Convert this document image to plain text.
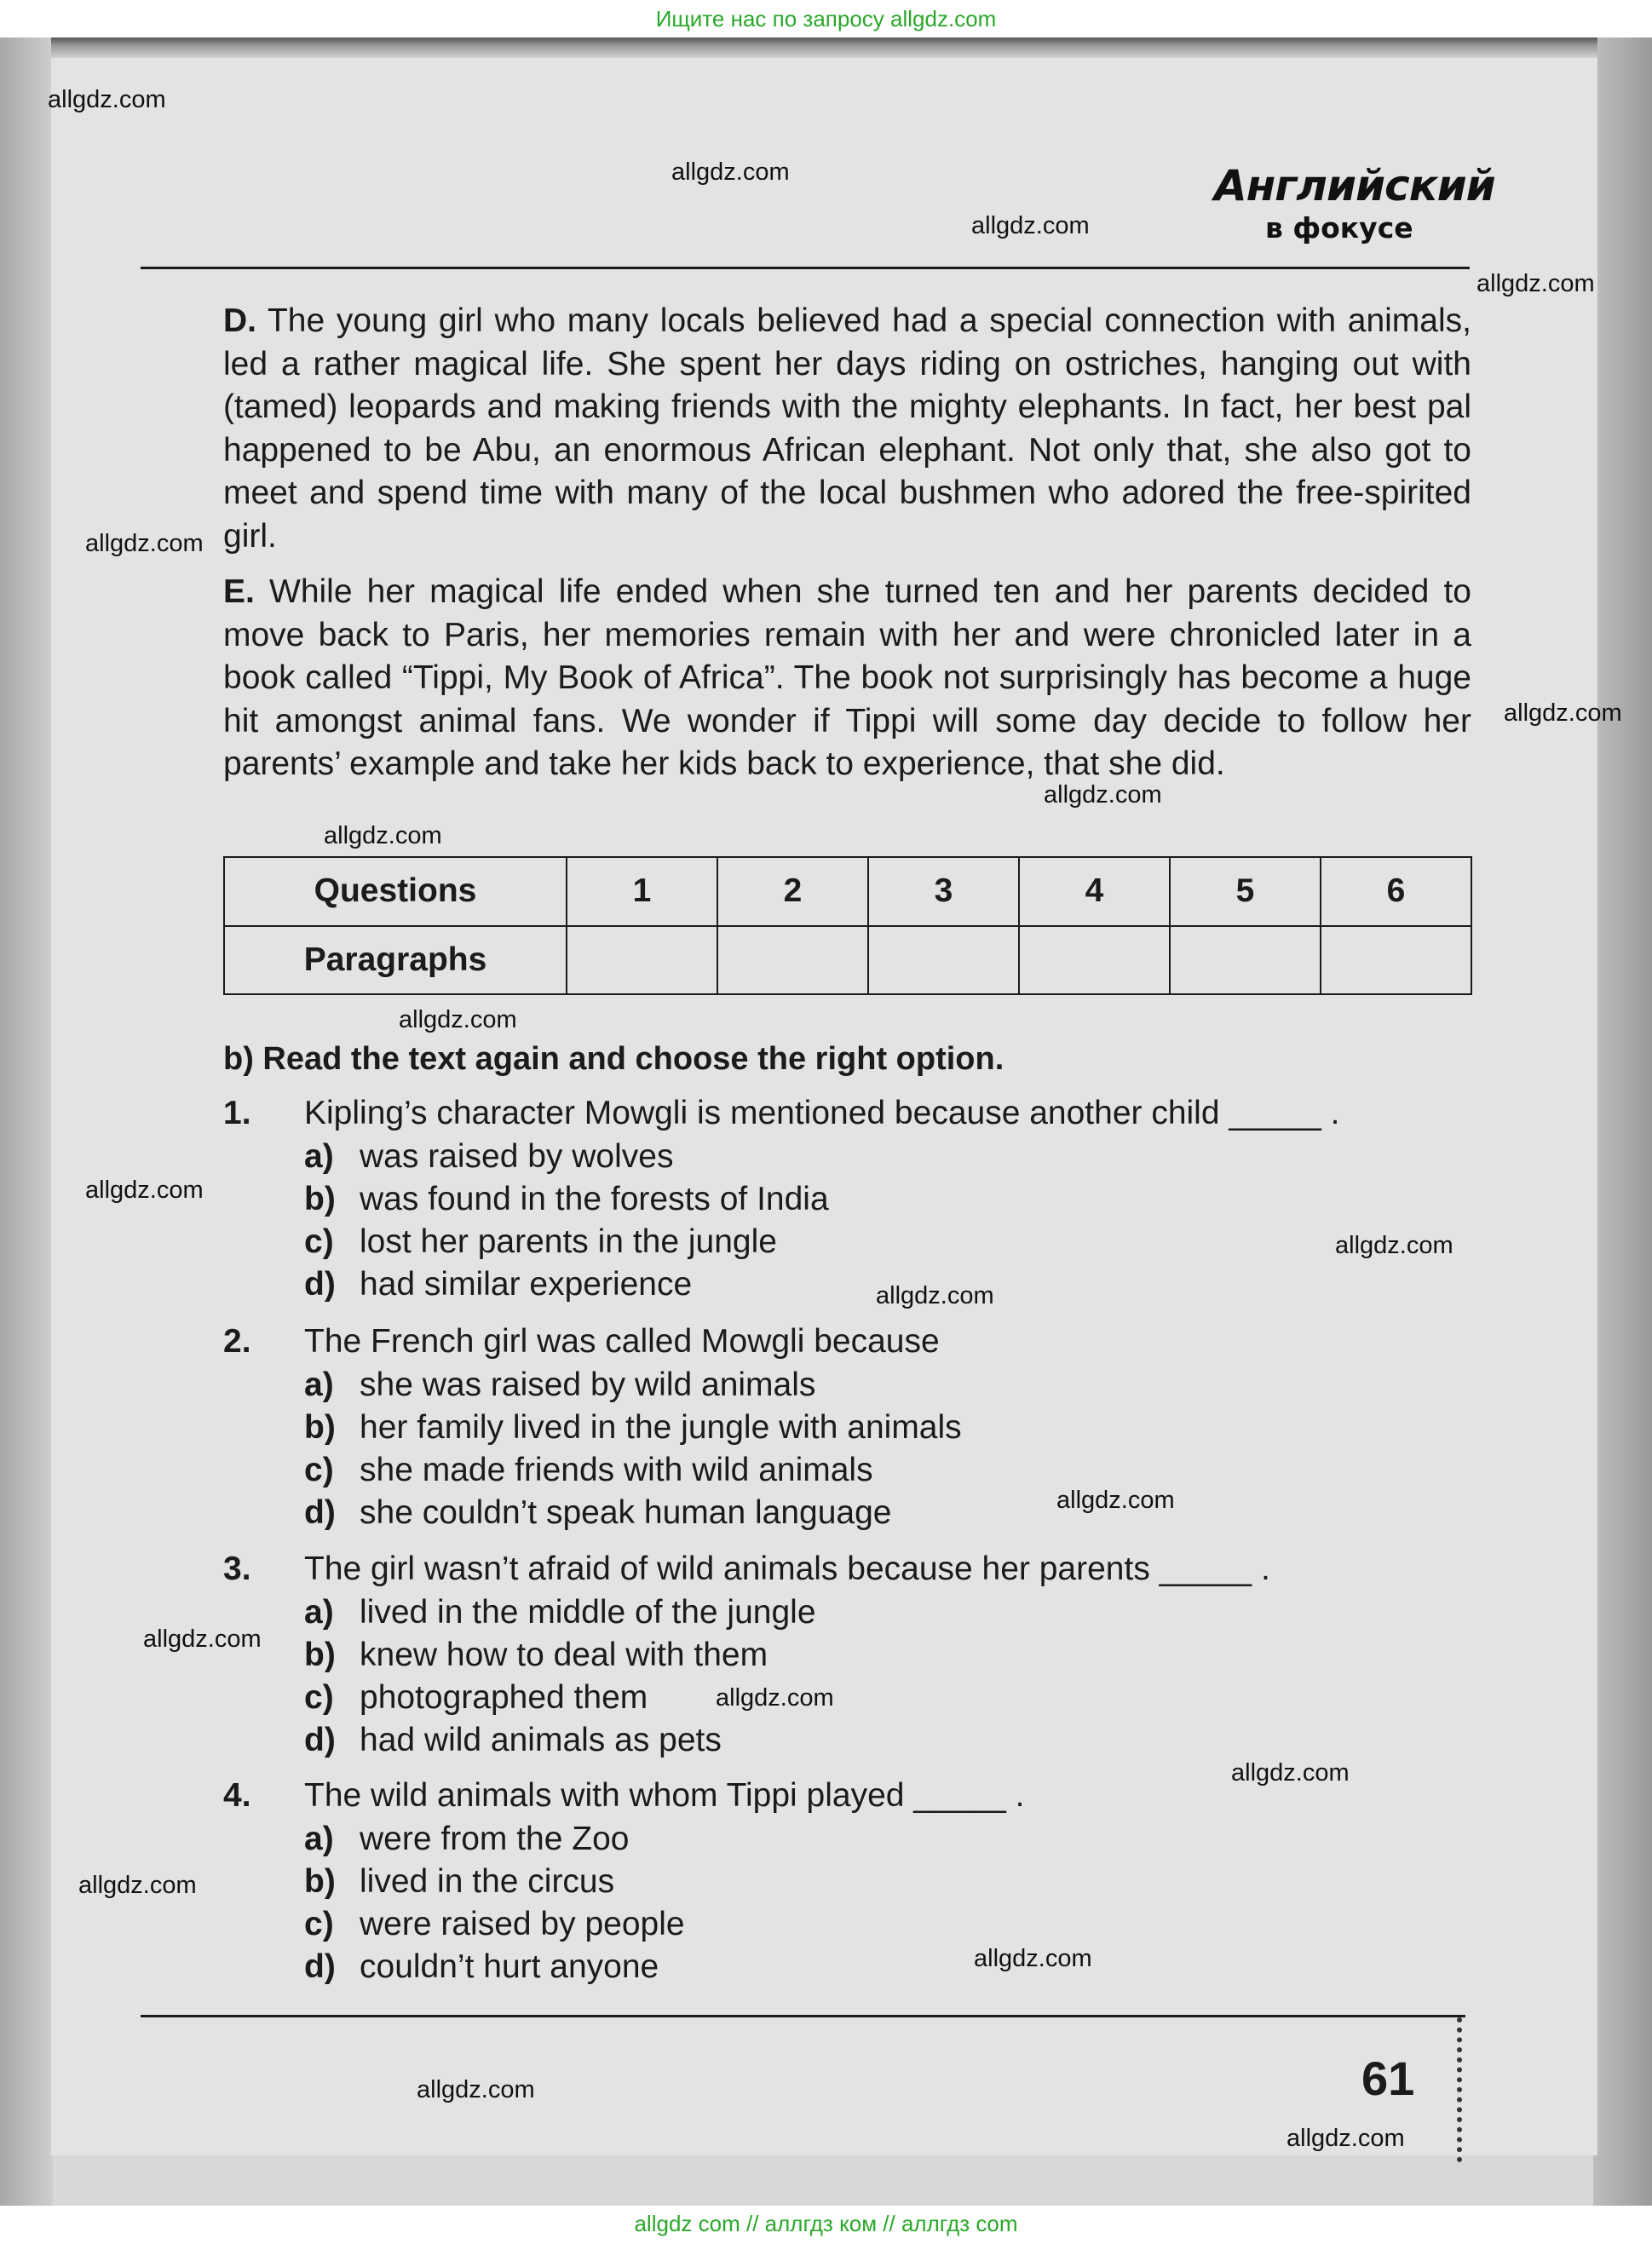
Ищите нас по запросу allgdz.com
Английский
в фокусе
D. The young girl who many locals believed had a special connection with animals, led a rather magical life. She spent her days riding on ostriches, hanging out with (tamed) leopards and making friends with the mighty elephants. In fact, her best pal happened to be Abu, an enormous African elephant. Not only that, she also got to meet and spend time with many of the local bushmen who adored the free-spirited girl.
E. While her magical life ended when she turned ten and her parents decided to move back to Paris, her memories remain with her and were chronicled later in a book called “Tippi, My Book of Africa”. The book not surprisingly has become a huge hit amongst animal fans. We wonder if Tippi will some day decide to follow her parents’ example and take her kids back to experience, that she did.
Questions	1	2	3	4	5	6
Paragraphs						
b) Read the text again and choose the right option.
1. Kipling’s character Mowgli is mentioned because another child _____ .
a) was raised by wolves
b) was found in the forests of India
c) lost her parents in the jungle
d) had similar experience
2. The French girl was called Mowgli because
a) she was raised by wild animals
b) her family lived in the jungle with animals
c) she made friends with wild animals
d) she couldn’t speak human language
3. The girl wasn’t afraid of wild animals because her parents _____ .
a) lived in the middle of the jungle
b) knew how to deal with them
c) photographed them
d) had wild animals as pets
4. The wild animals with whom Tippi played _____ .
a) were from the Zoo
b) lived in the circus
c) were raised by people
d) couldn’t hurt anyone
61
allgdz.com
allgdz.com
allgdz.com
allgdz.com
allgdz.com
allgdz.com
allgdz.com
allgdz.com
allgdz.com
allgdz.com
allgdz.com
allgdz.com
allgdz.com
allgdz.com
allgdz.com
allgdz.com
allgdz.com
allgdz.com
allgdz.com
allgdz.com
allgdz com // аллгдз ком // аллгдз com
